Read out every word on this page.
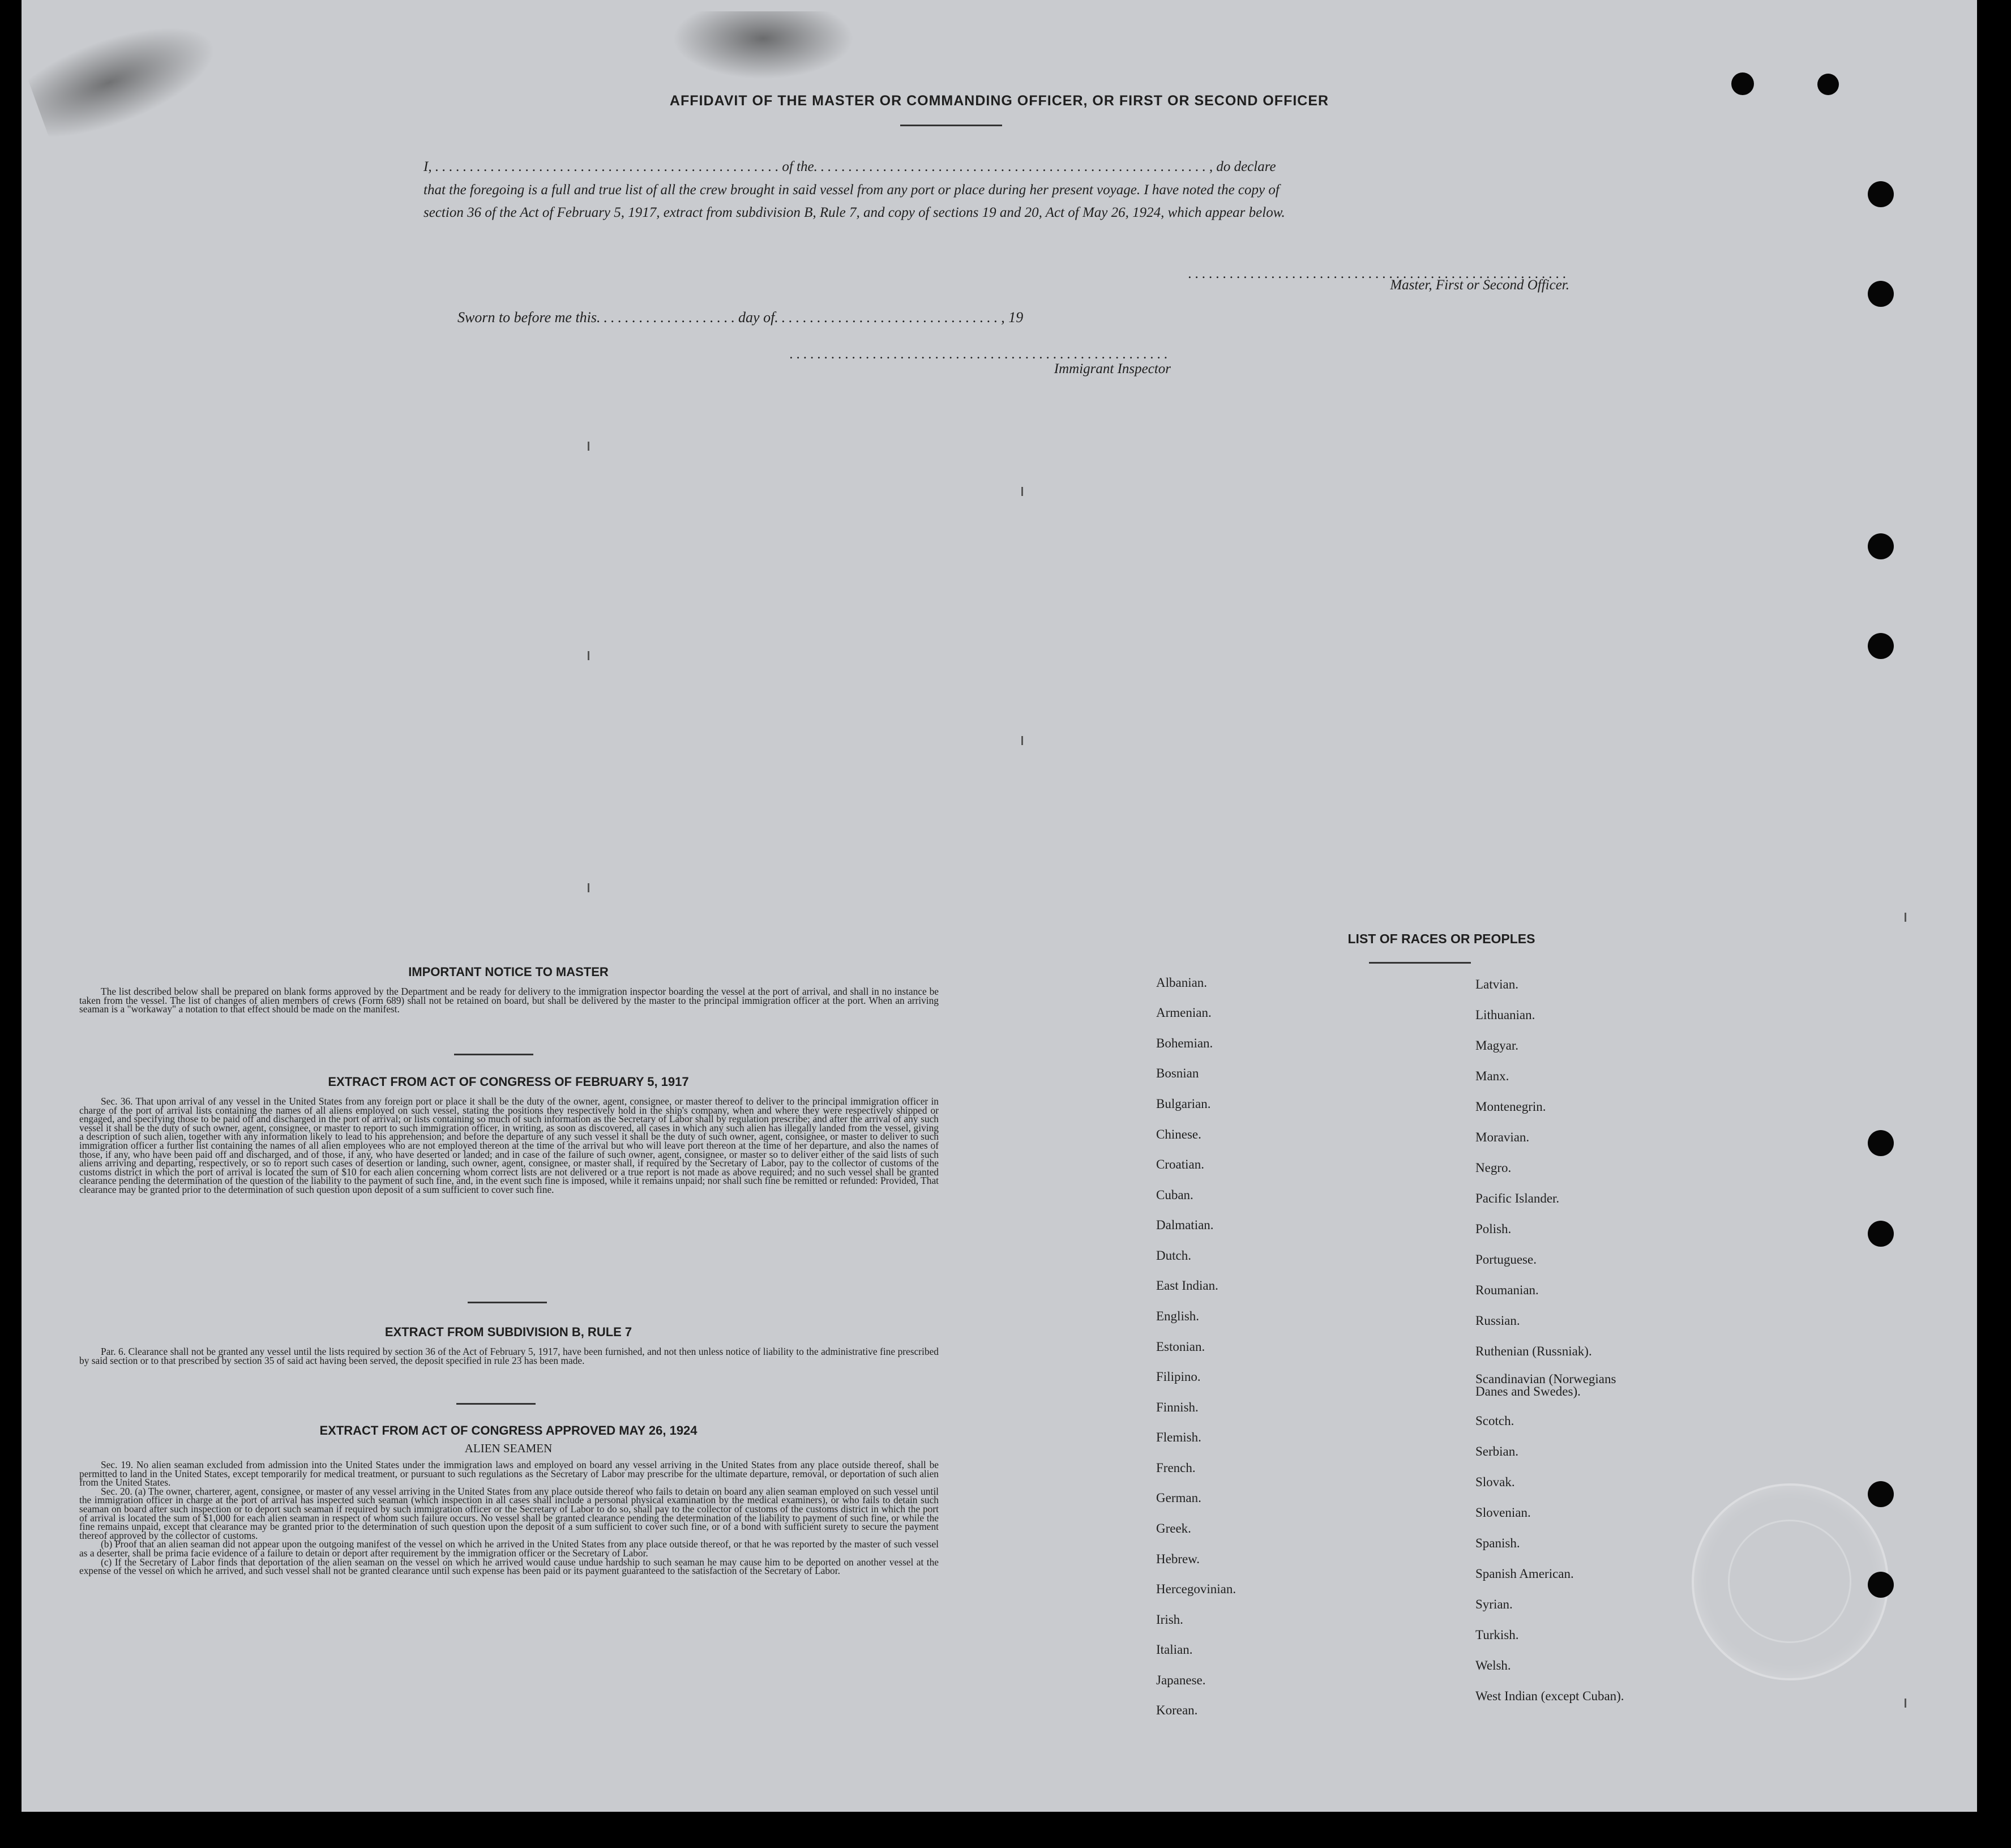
AFFIDAVIT OF THE MASTER OR COMMANDING OFFICER, OR FIRST OR SECOND OFFICER
I, ..................................................of the........................................................., do declare
that the foregoing is a full and true list of all the crew brought in said vessel from any port or place during her present voyage. I have noted the copy of
section 36 of the Act of February 5, 1917, extract from subdivision B, Rule 7, and copy of sections 19 and 20, Act of May 26, 1924, which appear below.
.......................................................
Master, First or Second Officer.
Sworn to before me this....................day of................................, 19
.......................................................
Immigrant Inspector
IMPORTANT NOTICE TO MASTER

The list described below shall be prepared on blank forms approved by the Department and be ready for delivery to the immigration inspector boarding the vessel at the port of arrival, and shall in no instance be taken from the vessel. The list of changes of alien members of crews (Form 689) shall not be retained on board, but shall be delivered by the master to the principal immigration officer at the port. When an arriving seaman is a "workaway" a notation to that effect should be made on the manifest.

EXTRACT FROM ACT OF CONGRESS OF FEBRUARY 5, 1917

Sec. 36. That upon arrival of any vessel in the United States from any foreign port or place it shall be the duty of the owner, agent, consignee, or master thereof to deliver to the principal immigration officer in charge of the port of arrival lists containing the names of all aliens employed on such vessel, stating the positions they respectively hold in the ship's company, when and where they were respectively shipped or engaged, and specifying those to be paid off and discharged in the port of arrival; or lists containing so much of such information as the Secretary of Labor shall by regulation prescribe; and after the arrival of any such vessel it shall be the duty of such owner, agent, consignee, or master to report to such immigration officer, in writing, as soon as discovered, all cases in which any such alien has illegally landed from the vessel, giving a description of such alien, together with any information likely to lead to his apprehension; and before the departure of any such vessel it shall be the duty of such owner, agent, consignee, or master to deliver to such immigration officer a further list containing the names of all alien employees who are not employed thereon at the time of the arrival but who will leave port thereon at the time of her departure, and also the names of those, if any, who have been paid off and discharged, and of those, if any, who have deserted or landed; and in case of the failure of such owner, agent, consignee, or master so to deliver either of the said lists of such aliens arriving and departing, respectively, or so to report such cases of desertion or landing, such owner, agent, consignee, or master shall, if required by the Secretary of Labor, pay to the collector of customs of the customs district in which the port of arrival is located the sum of $10 for each alien concerning whom correct lists are not delivered or a true report is not made as above required; and no such vessel shall be granted clearance pending the determination of the question of the liability to the payment of such fine, and, in the event such fine is imposed, while it remains unpaid; nor shall such fine be remitted or refunded: Provided, That clearance may be granted prior to the determination of such question upon deposit of a sum sufficient to cover such fine.

EXTRACT FROM SUBDIVISION B, RULE 7

Par. 6. Clearance shall not be granted any vessel until the lists required by section 36 of the Act of February 5, 1917, have been furnished, and not then unless notice of liability to the administrative fine prescribed by said section or to that prescribed by section 35 of said act having been served, the deposit specified in rule 23 has been made.

EXTRACT FROM ACT OF CONGRESS APPROVED MAY 26, 1924
ALIEN SEAMEN

Sec. 19. No alien seaman excluded from admission into the United States under the immigration laws and employed on board any vessel arriving in the United States from any place outside thereof, shall be permitted to land in the United States, except temporarily for medical treatment, or pursuant to such regulations as the Secretary of Labor may prescribe for the ultimate departure, removal, or deportation of such alien from the United States.

Sec. 20. (a) The owner, charterer, agent, consignee, or master of any vessel arriving in the United States from any place outside thereof who fails to detain on board any alien seaman employed on such vessel until the immigration officer in charge at the port of arrival has inspected such seaman (which inspection in all cases shall include a personal physical examination by the medical examiners), or who fails to detain such seaman on board after such inspection or to deport such seaman if required by such immigration officer or the Secretary of Labor to do so, shall pay to the collector of customs of the customs district in which the port of arrival is located the sum of $1,000 for each alien seaman in respect of whom such failure occurs. No vessel shall be granted clearance pending the determination of the liability to payment of such fine, or while the fine remains unpaid, except that clearance may be granted prior to the determination of such question upon the deposit of a sum sufficient to cover such fine, or of a bond with sufficient surety to secure the payment thereof approved by the collector of customs.

(b) Proof that an alien seaman did not appear upon the outgoing manifest of the vessel on which he arrived in the United States from any place outside thereof, or that he was reported by the master of such vessel as a deserter, shall be prima facie evidence of a failure to detain or deport after requirement by the immigration officer or the Secretary of Labor.

(c) If the Secretary of Labor finds that deportation of the alien seaman on the vessel on which he arrived would cause undue hardship to such seaman he may cause him to be deported on another vessel at the expense of the vessel on which he arrived, and such vessel shall not be granted clearance until such expense has been paid or its payment guaranteed to the satisfaction of the Secretary of Labor.

LIST OF RACES OR PEOPLES
Albanian.
Armenian.
Bohemian.
Bosnian
Bulgarian.
Chinese.
Croatian.
Cuban.
Dalmatian.
Dutch.
East Indian.
English.
Estonian.
Filipino.
Finnish.
Flemish.
French.
German.
Greek.
Hebrew.
Hercegovinian.
Irish.
Italian.
Japanese.
Korean.
Latvian.
Lithuanian.
Magyar.
Manx.
Montenegrin.
Moravian.
Negro.
Pacific Islander.
Polish.
Portuguese.
Roumanian.
Russian.
Ruthenian (Russniak).
Scandinavian (Norwegians
Danes and Swedes).
Scotch.
Serbian.
Slovak.
Slovenian.
Spanish.
Spanish American.
Syrian.
Turkish.
Welsh.
West Indian (except Cuban).
